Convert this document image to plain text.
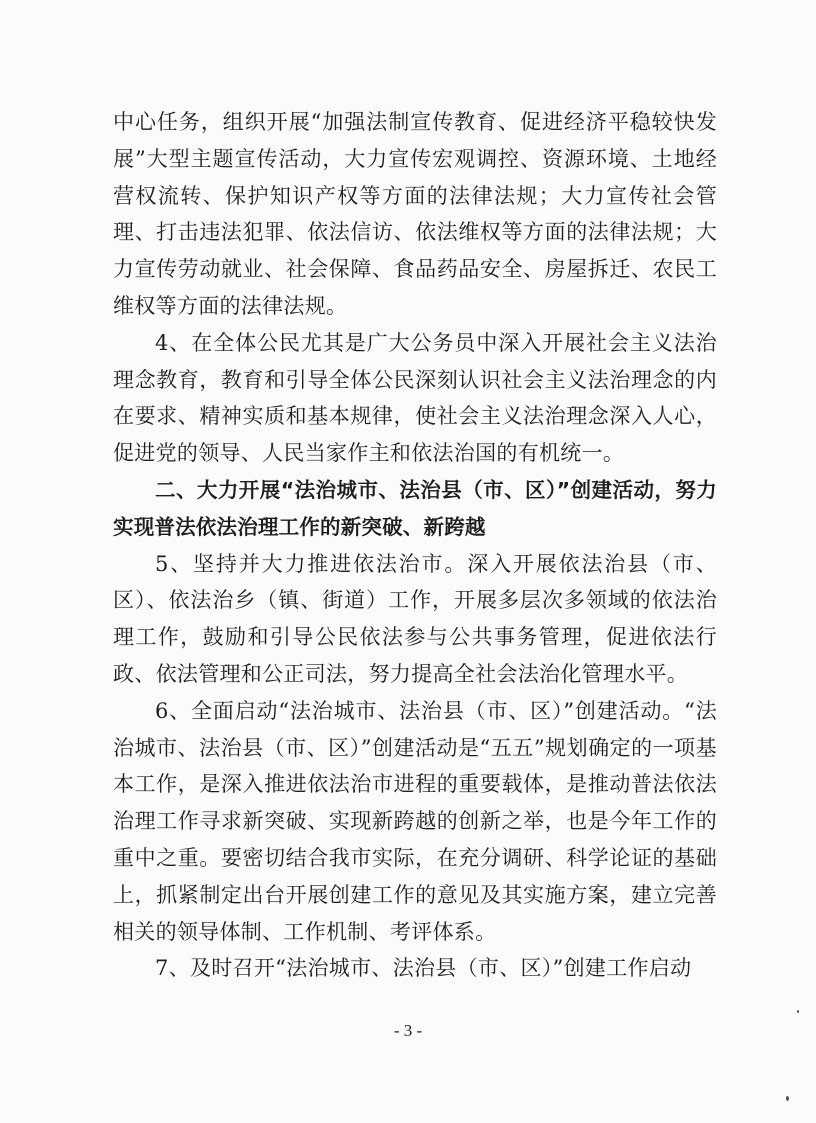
中心任务，组织开展“加强法制宣传教育、促进经济平稳较快发展”大型主题宣传活动，大力宣传宏观调控、资源环境、土地经营权流转、保护知识产权等方面的法律法规；大力宣传社会管理、打击违法犯罪、依法信访、依法维权等方面的法律法规；大力宣传劳动就业、社会保障、食品药品安全、房屋拆迁、农民工维权等方面的法律法规。

4、在全体公民尤其是广大公务员中深入开展社会主义法治理念教育，教育和引导全体公民深刻认识社会主义法治理念的内在要求、精神实质和基本规律，使社会主义法治理念深入人心，促进党的领导、人民当家作主和依法治国的有机统一。

二、大力开展“法治城市、法治县（市、区）”创建活动，努力实现普法依法治理工作的新突破、新跨越

5、坚持并大力推进依法治市。深入开展依法治县（市、区）、依法治乡（镇、街道）工作，开展多层次多领域的依法治理工作，鼓励和引导公民依法参与公共事务管理，促进依法行政、依法管理和公正司法，努力提高全社会法治化管理水平。

6、全面启动“法治城市、法治县（市、区）”创建活动。“法治城市、法治县（市、区）”创建活动是“五五”规划确定的一项基本工作，是深入推进依法治市进程的重要载体，是推动普法依法治理工作寻求新突破、实现新跨越的创新之举，也是今年工作的重中之重。要密切结合我市实际，在充分调研、科学论证的基础上，抓紧制定出台开展创建工作的意见及其实施方案，建立完善相关的领导体制、工作机制、考评体系。

7、及时召开“法治城市、法治县（市、区）”创建工作启动

- 3 -
